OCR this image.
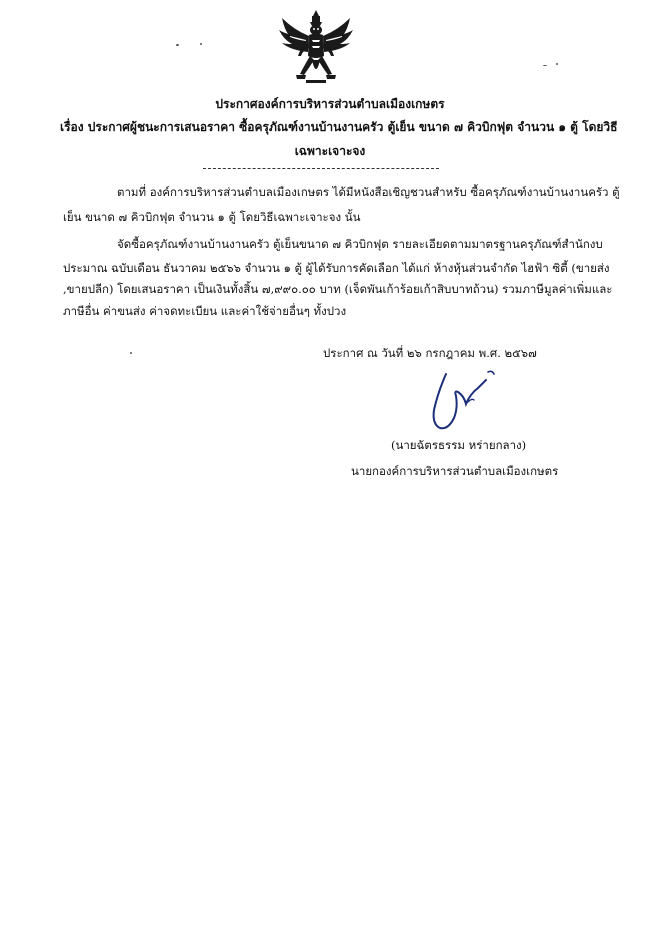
ประกาศองค์การบริหารส่วนตำบลเมืองเกษตร
เรื่อง ประกาศผู้ชนะการเสนอราคา ซื้อครุภัณฑ์งานบ้านงานครัว ตู้เย็น ขนาด ๗ คิวบิกฟุต จำนวน ๑ ตู้ โดยวิธี
เฉพาะเจาะจง
ตามที่ องค์การบริหารส่วนตำบลเมืองเกษตร ได้มีหนังสือเชิญชวนสำหรับ ซื้อครุภัณฑ์งานบ้านงานครัว ตู้
เย็น ขนาด ๗ คิวบิกฟุต จำนวน ๑ ตู้ โดยวิธีเฉพาะเจาะจง นั้น
จัดซื้อครุภัณฑ์งานบ้านงานครัว ตู้เย็นขนาด ๗ คิวบิกฟุต รายละเอียดตามมาตรฐานครุภัณฑ์สำนักงบ
ประมาณ ฉบับเดือน ธันวาคม ๒๕๖๖ จำนวน ๑ ตู้ ผู้ได้รับการคัดเลือก ได้แก่ ห้างหุ้นส่วนจำกัด ไฮฟ้า ซิตี้ (ขายส่ง
,ขายปลีก) โดยเสนอราคา เป็นเงินทั้งสิ้น ๗,๙๙๐.๐๐ บาท (เจ็ดพันเก้าร้อยเก้าสิบบาทถ้วน) รวมภาษีมูลค่าเพิ่มและ
ภาษีอื่น ค่าขนส่ง ค่าจดทะเบียน และค่าใช้จ่ายอื่นๆ ทั้งปวง
ประกาศ ณ วันที่ ๒๖ กรกฎาคม พ.ศ. ๒๕๖๗
(นายฉัตรธรรม หร่ายกลาง)
นายกองค์การบริหารส่วนตำบลเมืองเกษตร
